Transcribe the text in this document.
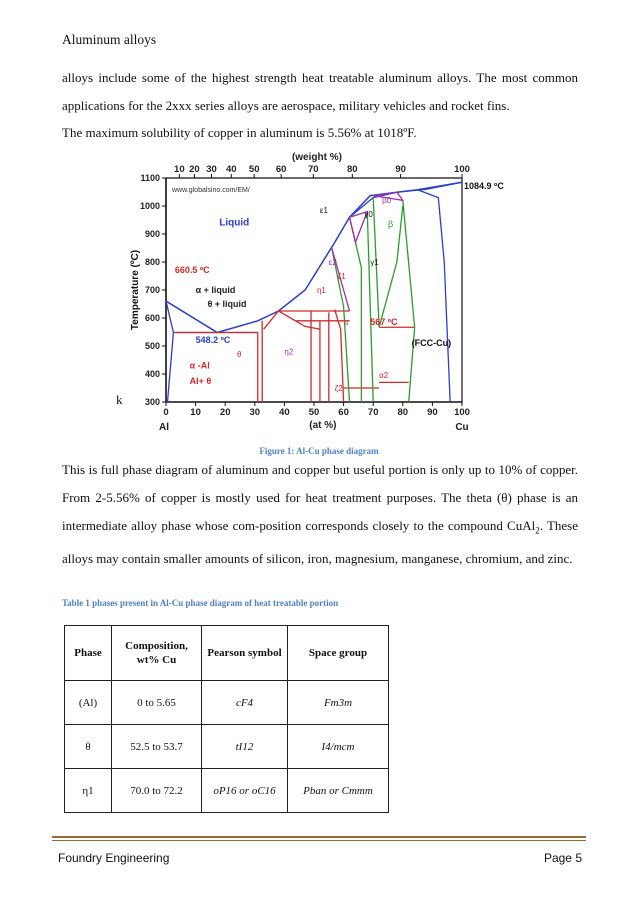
Aluminum alloys
alloys include some of the highest strength heat treatable aluminum alloys. The most common applications for the 2xxx series alloys are aerospace, military vehicles and rocket fins.
The maximum solubility of copper in aluminum is 5.56% at 1018ºF.
1100
1000
900
800
700
600
500
400
300
0 10 20 30 40 50 60 70 80 90 100
10 20 30 40 50 60 70	80	90	100
(weight %)
(at %)
Al	Cu
Temperature (ºC)
www.globalsino.com/EM/
Liquid
660.5 ºC
1084.9 ºC
α + liquid
θ + liquid
548.2 ºC
α -Al
Al+ θ
θ
η1
η2
ε1
ε2
ζ1
ζ2
γ0
γ1
β0
β
α2
567 ºC
(FCC-Cu)
α
k
Figure 1: Al-Cu phase diagram
This is full phase diagram of aluminum and copper but useful portion is only up to 10% of copper. From 2-5.56% of copper is mostly used for heat treatment purposes. The theta (θ) phase is an intermediate alloy phase whose com-position corresponds closely to the compound CuAl$_2$. These alloys may contain smaller amounts of silicon, iron, magnesium, manganese, chromium, and zinc.
Table 1 phases present in Al-Cu phase diagram of heat treatable portion
Phase	Composition, wt% Cu	Pearson symbol	Space group
(Al)	0 to 5.65	cF4	Fm3m
θ	52.5 to 53.7	tI12	I4/mcm
η1	70.0 to 72.2	oP16 or oC16	Pban or Cmmm
Foundry Engineering	Page 5
